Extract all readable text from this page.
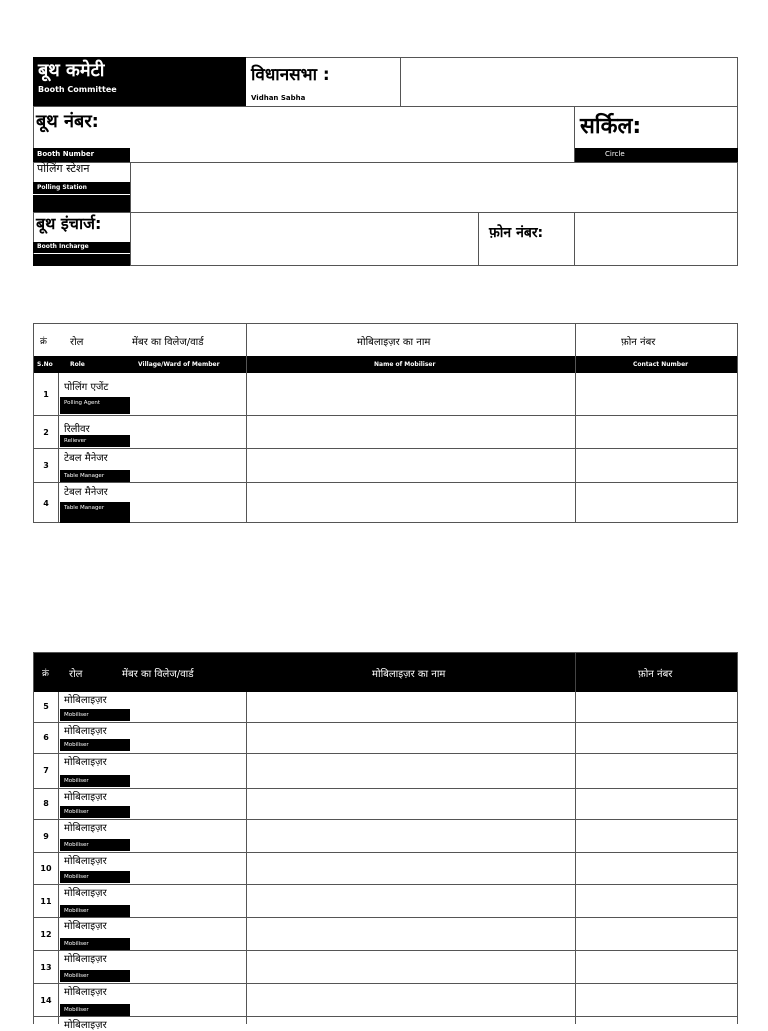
बूथ कमेटी
Booth Committee
विधानसभा :
Vidhan Sabha
बूथ नंबर:
Booth Number
सर्किल:
Circle
पोलिंग स्टेशन
Polling Station
बूथ इंचार्ज:
Booth Incharge
फ़ोन नंबर:
क्रं रोल	मेंबर का विलेज/वार्ड	मोबिलाइज़र का नाम	फ़ोन नंबर
S.No	Role	Village/Ward of Member	Name of Mobiliser	Contact Number
1
पोलिंग एजेंट
Polling Agent
2	रिलीवर
Reliever
3
टेबल मैनेजर
Table Manager
4
टेबल मैनेजर
Table Manager
क्रं रोल	मेंबर का विलेज/वार्ड	मोबिलाइज़र का नाम	फ़ोन नंबर
5
मोबिलाइज़र
Mobiliser
6
मोबिलाइज़र
Mobiliser
7
मोबिलाइज़र
Mobiliser
8
मोबिलाइज़र
Mobiliser
9
मोबिलाइज़र
Mobiliser
10
मोबिलाइज़र
Mobiliser
11
मोबिलाइज़र
Mobiliser
12
मोबिलाइज़र
Mobiliser
13
मोबिलाइज़र
Mobiliser
14
मोबिलाइज़र
Mobiliser
मोबिलाइज़र
